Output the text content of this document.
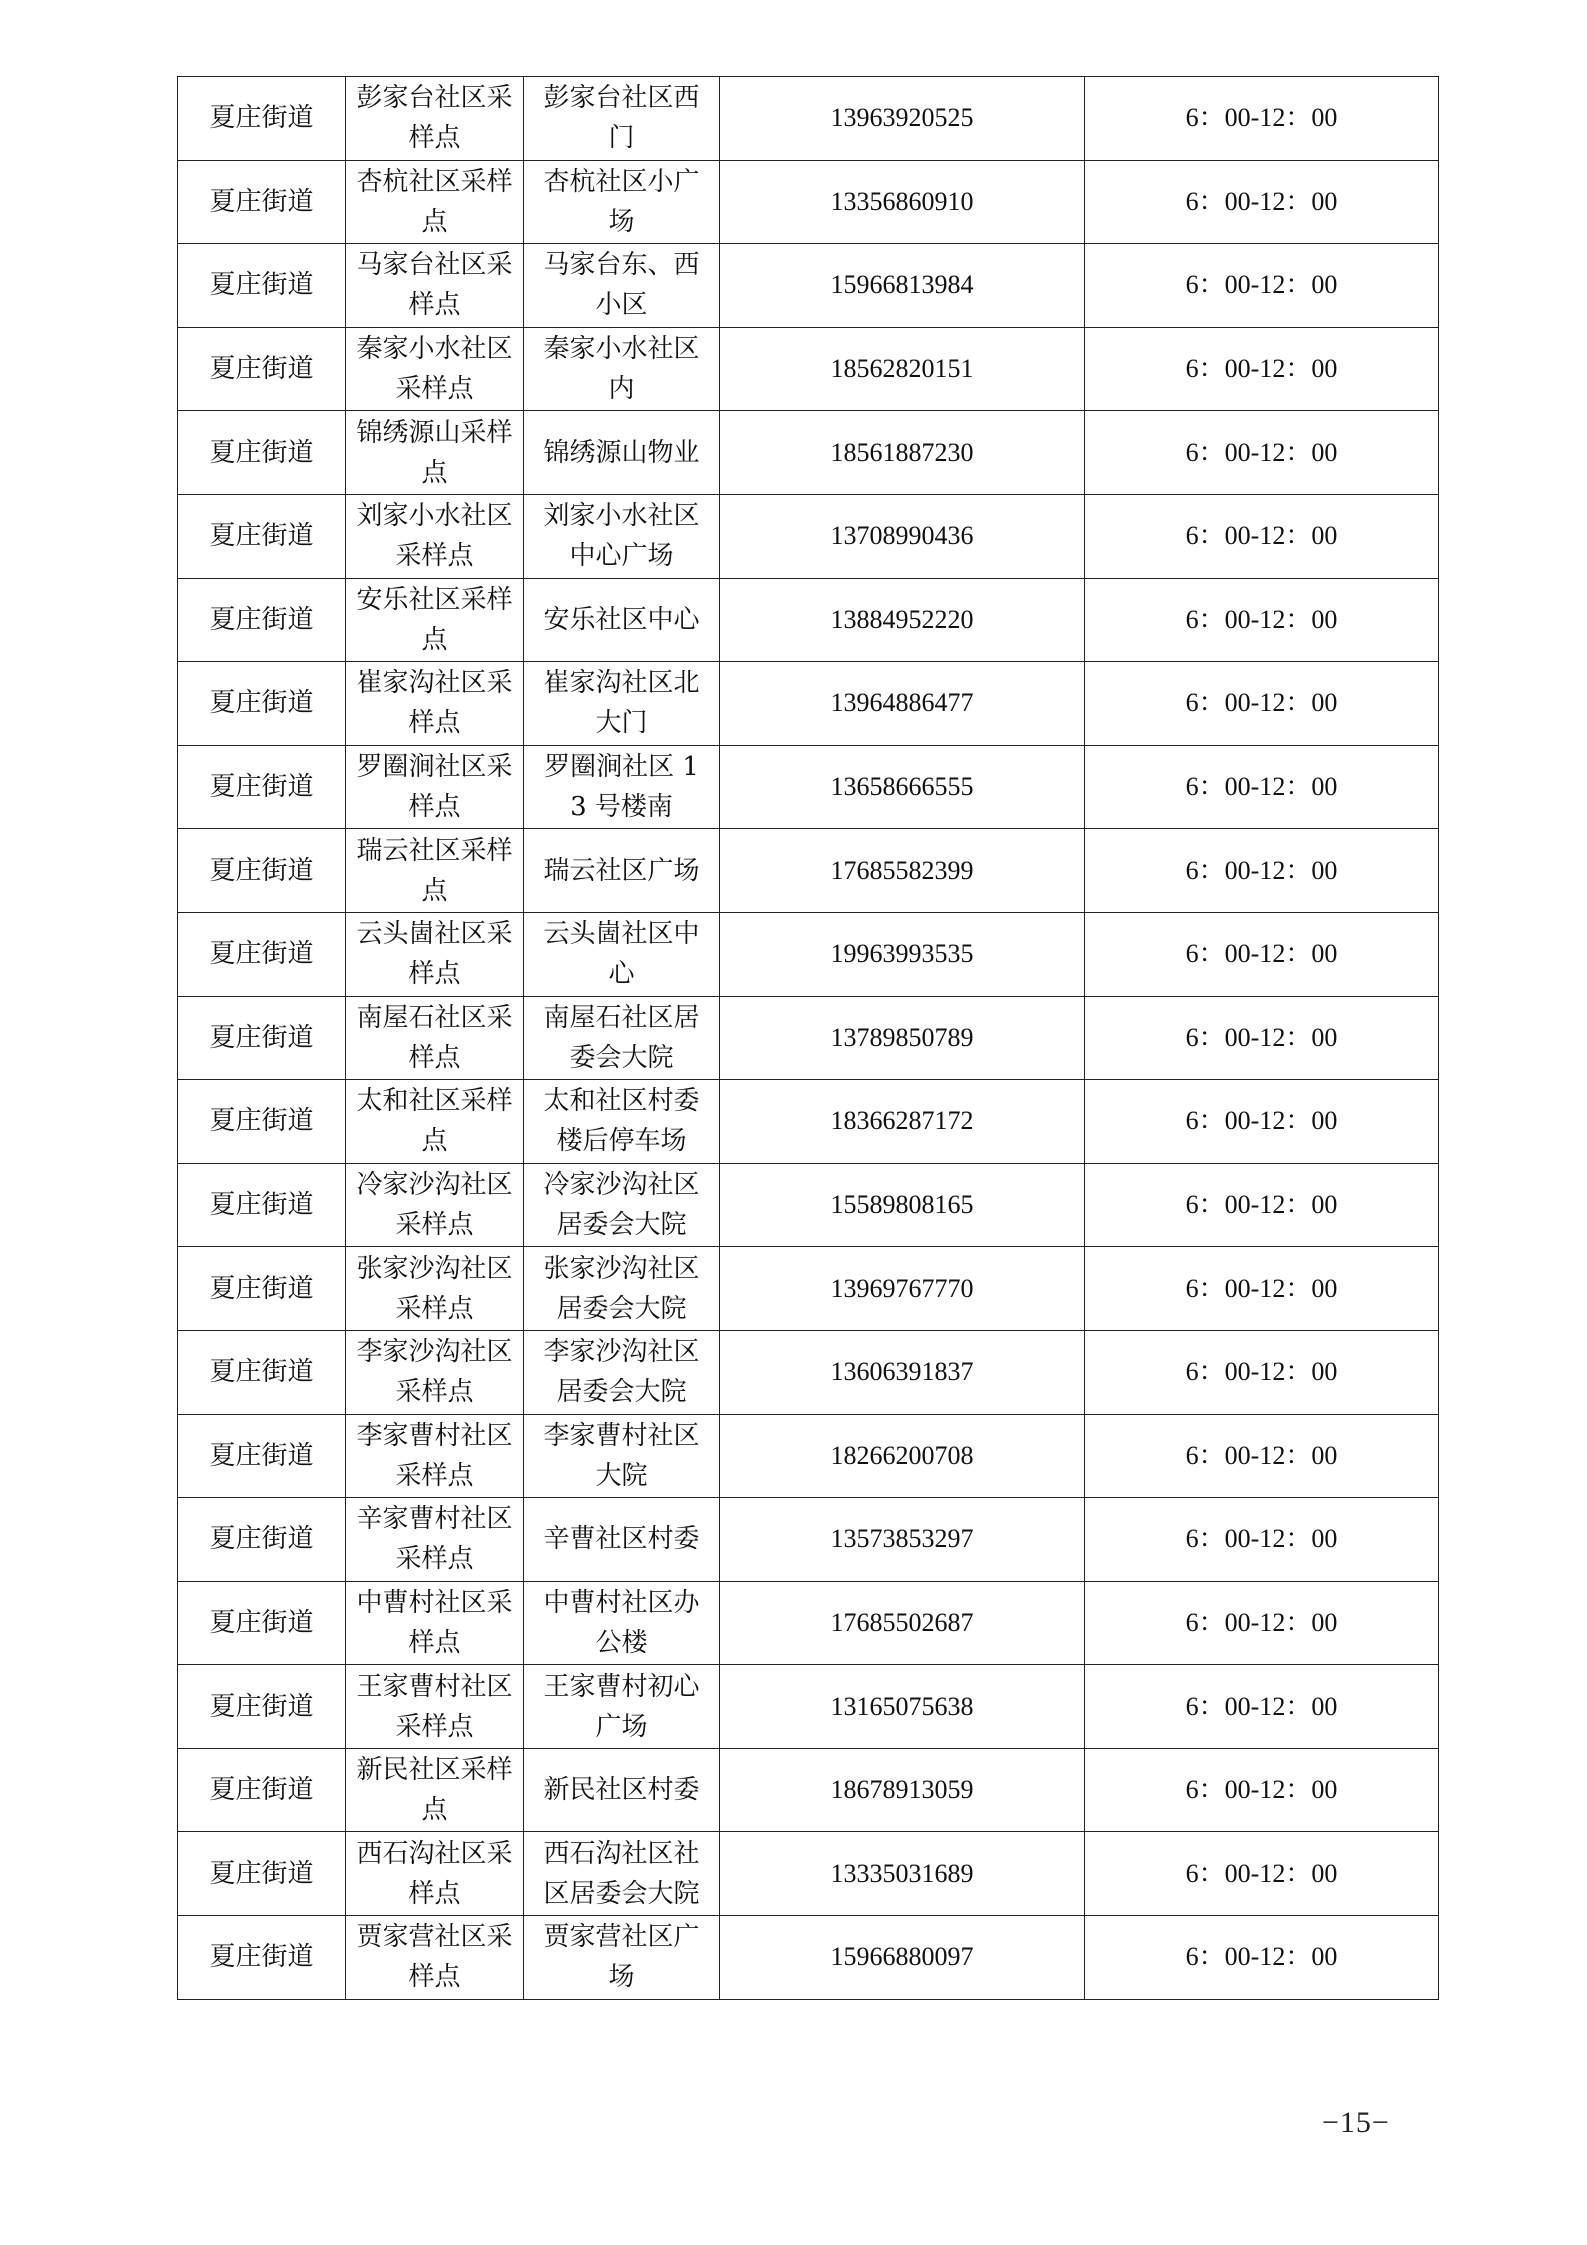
夏庄街道	彭家台社区采样点	彭家台社区西门	13963920525	6：00-12：00
夏庄街道	杏杭社区采样点	杏杭社区小广场	13356860910	6：00-12：00
夏庄街道	马家台社区采样点	马家台东、西小区	15966813984	6：00-12：00
夏庄街道	秦家小水社区采样点	秦家小水社区内	18562820151	6：00-12：00
夏庄街道	锦绣源山采样点	锦绣源山物业	18561887230	6：00-12：00
夏庄街道	刘家小水社区采样点	刘家小水社区中心广场	13708990436	6：00-12：00
夏庄街道	安乐社区采样点	安乐社区中心	13884952220	6：00-12：00
夏庄街道	崔家沟社区采样点	崔家沟社区北大门	13964886477	6：00-12：00
夏庄街道	罗圈涧社区采样点	罗圈涧社区 13 号楼南	13658666555	6：00-12：00
夏庄街道	瑞云社区采样点	瑞云社区广场	17685582399	6：00-12：00
夏庄街道	云头崮社区采样点	云头崮社区中心	19963993535	6：00-12：00
夏庄街道	南屋石社区采样点	南屋石社区居委会大院	13789850789	6：00-12：00
夏庄街道	太和社区采样点	太和社区村委楼后停车场	18366287172	6：00-12：00
夏庄街道	冷家沙沟社区采样点	冷家沙沟社区居委会大院	15589808165	6：00-12：00
夏庄街道	张家沙沟社区采样点	张家沙沟社区居委会大院	13969767770	6：00-12：00
夏庄街道	李家沙沟社区采样点	李家沙沟社区居委会大院	13606391837	6：00-12：00
夏庄街道	李家曹村社区采样点	李家曹村社区大院	18266200708	6：00-12：00
夏庄街道	辛家曹村社区采样点	辛曹社区村委	13573853297	6：00-12：00
夏庄街道	中曹村社区采样点	中曹村社区办公楼	17685502687	6：00-12：00
夏庄街道	王家曹村社区采样点	王家曹村初心广场	13165075638	6：00-12：00
夏庄街道	新民社区采样点	新民社区村委	18678913059	6：00-12：00
夏庄街道	西石沟社区采样点	西石沟社区社区居委会大院	13335031689	6：00-12：00
夏庄街道	贾家营社区采样点	贾家营社区广场	15966880097	6：00-12：00
−15−
